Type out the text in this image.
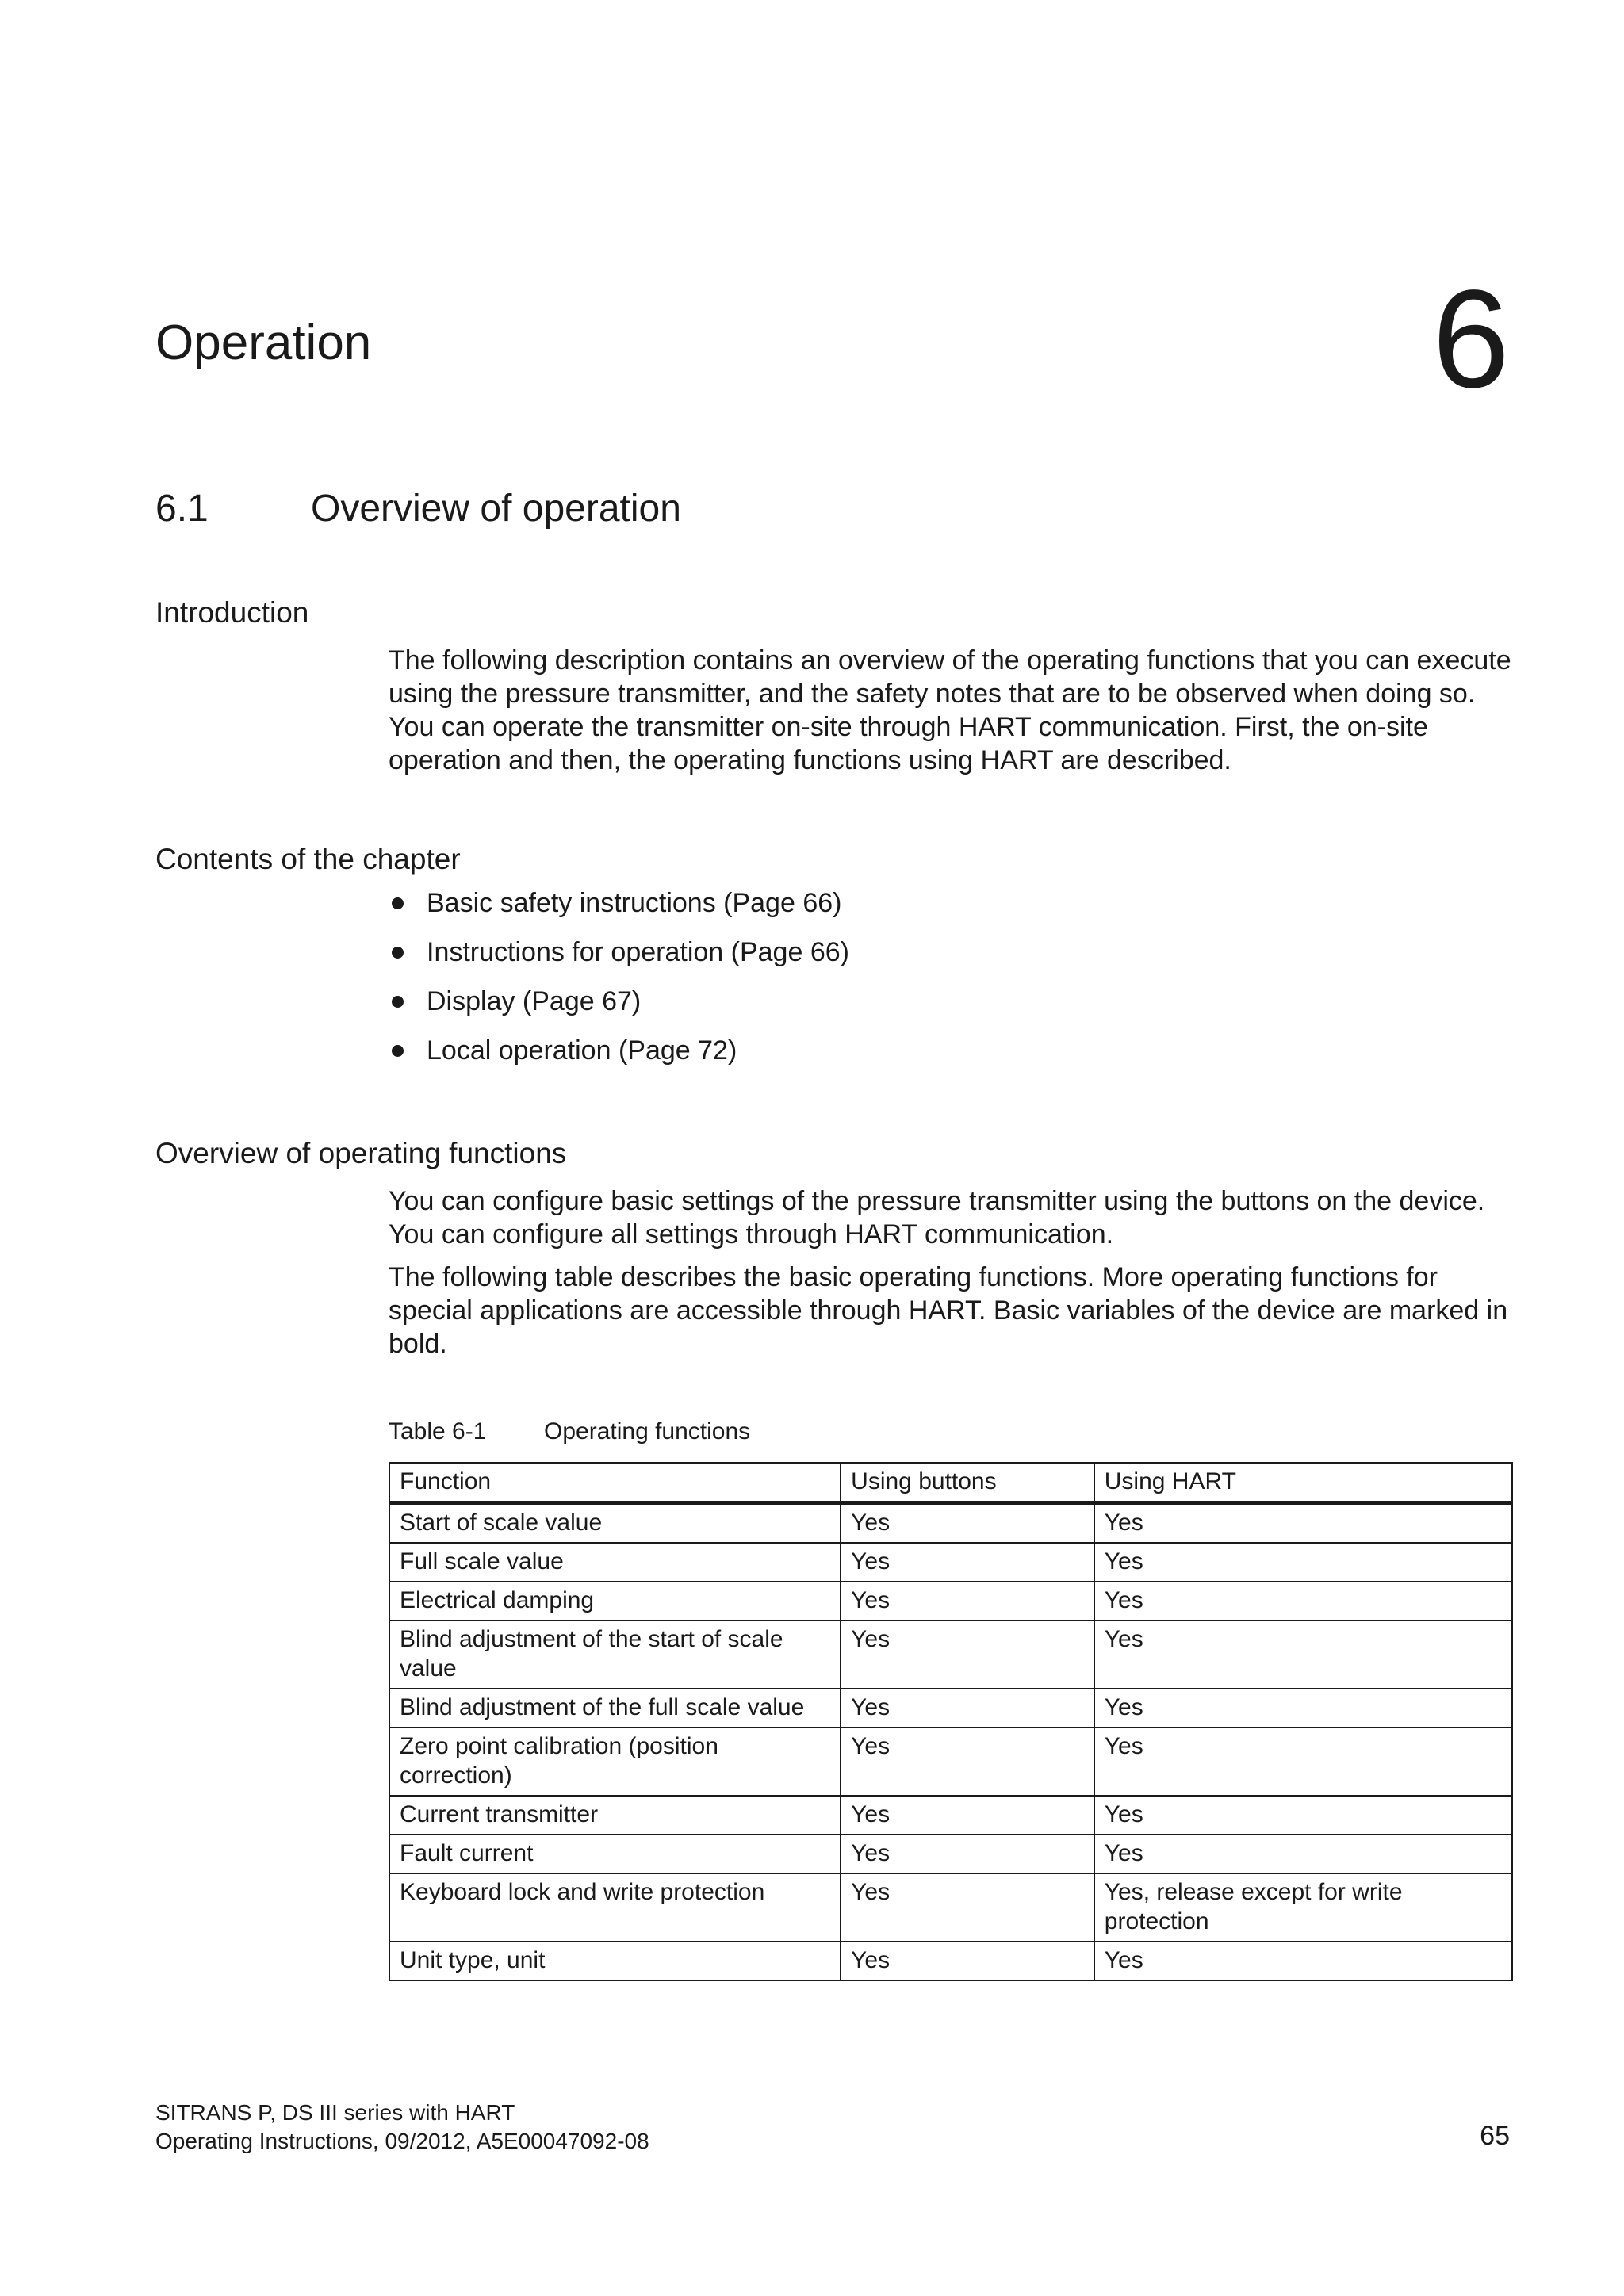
Operation	6
6.1	Overview of operation
Introduction

The following description contains an overview of the operating functions that you can execute using the pressure transmitter, and the safety notes that are to be observed when doing so. You can operate the transmitter on-site through HART communication. First, the on-site operation and then, the operating functions using HART are described.

Contents of the chapter
Basic safety instructions (Page 66)
Instructions for operation (Page 66)
Display (Page 67)
Local operation (Page 72)
Overview of operating functions

You can configure basic settings of the pressure transmitter using the buttons on the device. You can configure all settings through HART communication.

The following table describes the basic operating functions. More operating functions for special applications are accessible through HART. Basic variables of the device are marked in bold.

Table 6-1 Operating functions
Function	Using buttons	Using HART
Start of scale value	Yes	Yes
Full scale value	Yes	Yes
Electrical damping	Yes	Yes
Blind adjustment of the start of scale value	Yes	Yes
Blind adjustment of the full scale value	Yes	Yes
Zero point calibration (position correction)	Yes	Yes
Current transmitter	Yes	Yes
Fault current	Yes	Yes
Keyboard lock and write protection	Yes	Yes, release except for write protection
Unit type, unit	Yes	Yes
SITRANS P, DS III series with HART
Operating Instructions, 09/2012, A5E00047092-08	65
